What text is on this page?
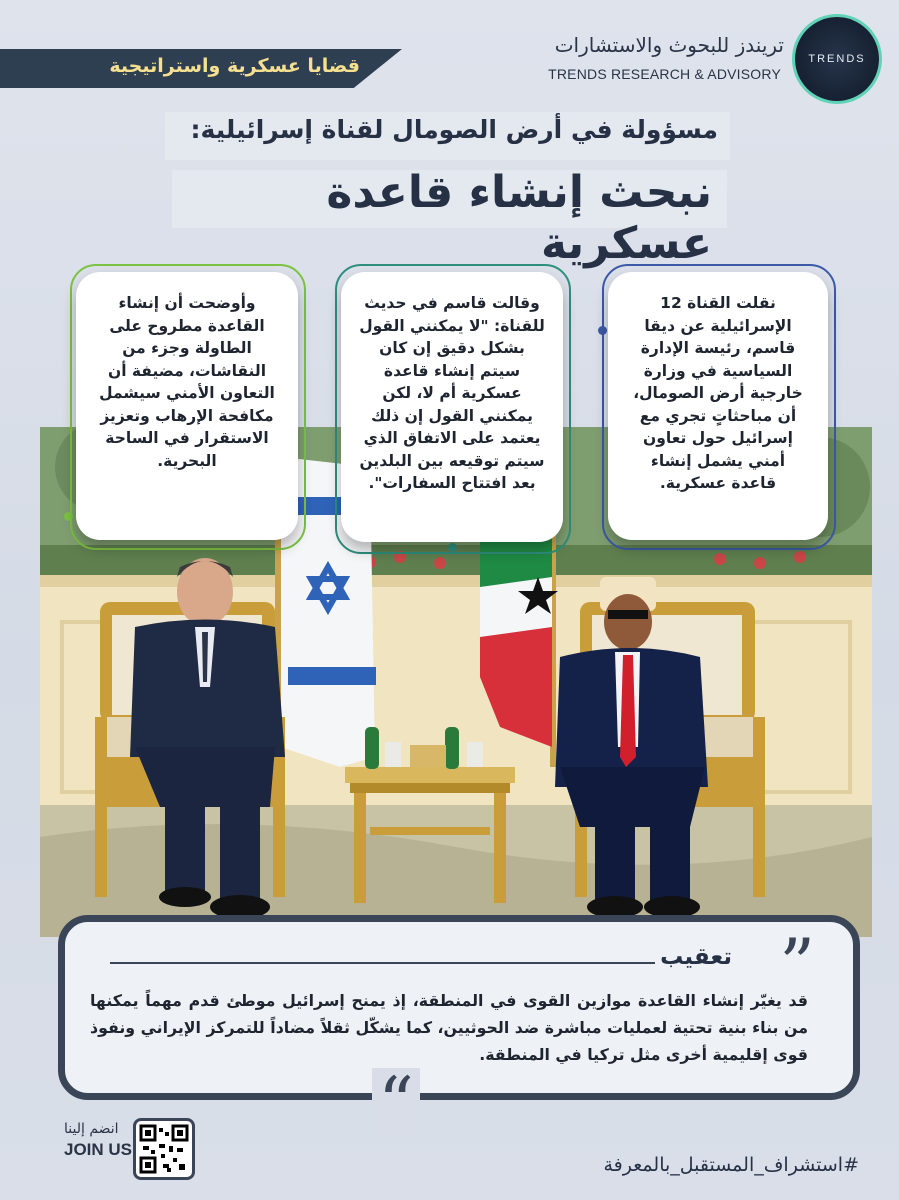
TRENDS
تريندز للبحوث والاستشارات
TRENDS RESEARCH & ADVISORY
قضايا عسكرية واستراتيجية
مسؤولة في أرض الصومال لقناة إسرائيلية:
نبحث إنشاء قاعدة عسكرية

نقلت القناة 12 الإسرائيلية عن ديقا قاسم، رئيسة الإدارة السياسية في وزارة خارجية أرض الصومال، أن مباحثاتٍ تجري مع إسرائيل حول تعاون أمني يشمل إنشاء قاعدة عسكرية.

وقالت قاسم في حديث للقناة: "لا يمكنني القول بشكل دقيق إن كان سيتم إنشاء قاعدة عسكرية أم لا، لكن يمكنني القول إن ذلك يعتمد على الاتفاق الذي سيتم توقيعه بين البلدين بعد افتتاح السفارات".

وأوضحت أن إنشاء القاعدة مطروح على الطاولة وجزء من النقاشات، مضيفة أن التعاون الأمني سيشمل مكافحة الإرهاب وتعزيز الاستقرار في الساحة البحرية.

”
تعقيب
قد يغيّر إنشاء القاعدة موازين القوى في المنطقة، إذ يمنح إسرائيل موطئ قدم مهماً يمكنها من بناء بنية تحتية لعمليات مباشرة ضد الحوثيين، كما يشكّل ثقلاً مضاداً للتمركز الإيراني ونفوذ قوى إقليمية أخرى مثل تركيا في المنطقة.
“
انضم إلينا
JOIN US
#استشراف_المستقبل_بالمعرفة
